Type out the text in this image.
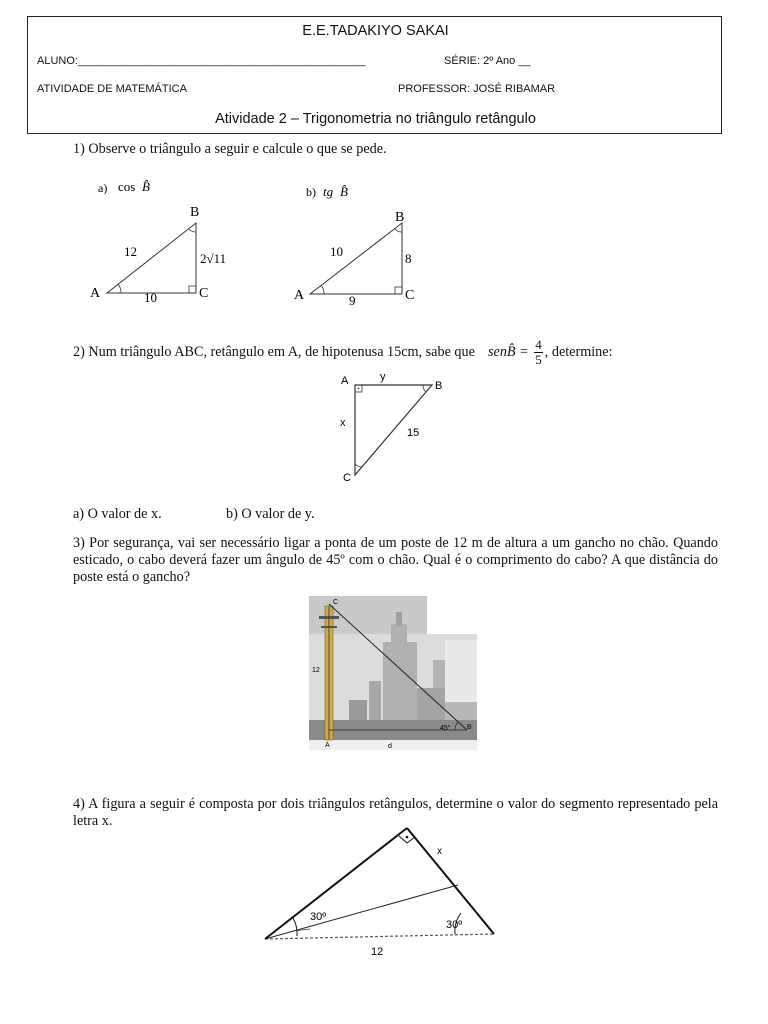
E.E.TADAKIYO SAKAI
ALUNO:_______________________________________________	SÉRIE: 2º Ano __
ATIVIDADE DE MATEMÁTICA	PROFESSOR: JOSÉ RIBAMAR
Atividade 2 – Trigonometria no triângulo retângulo
1) Observe o triângulo a seguir e calcule o que se pede.
a) cos B̂
B
A	C
12	2√11
10
b) tg B̂
B
A	C
10	8
9
2) Num triângulo ABC, retângulo em A, de hipotenusa 15cm, sabe que senB̂ = $\frac{4}{5}$ , determine:
A	B
C
y
x
15
a) O valor de x.	b) O valor de y.
3) Por segurança, vai ser necessário ligar a ponta de um poste de 12 m de altura a um gancho no chão. Quando esticado, o cabo deverá fazer um ângulo de 45º com o chão. Qual é o comprimento do cabo? A que distância do poste está o gancho?
C
A
B
d
12
45°
4) A figura a seguir é composta por dois triângulos retângulos, determine o valor do segmento representado pela letra x.
x
30º
30º
12
